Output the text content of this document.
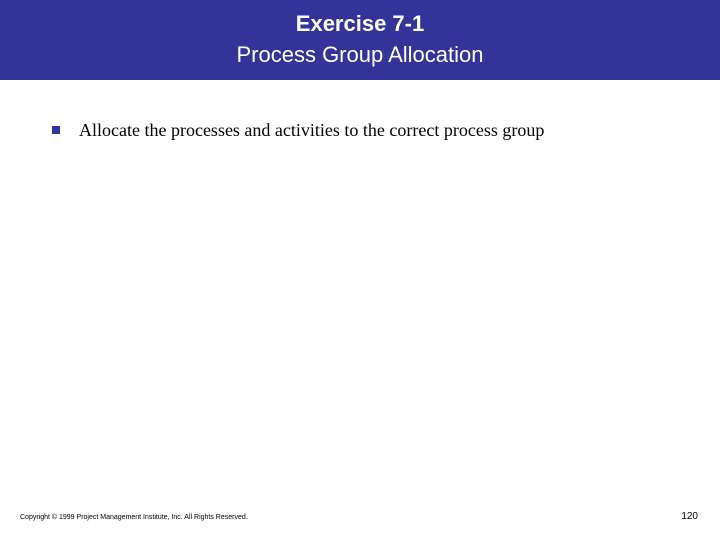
Exercise 7-1
Process Group Allocation
Allocate the processes and activities to the correct process group
Copyright © 1999 Project Management Institute, Inc. All Rights Reserved.	120
